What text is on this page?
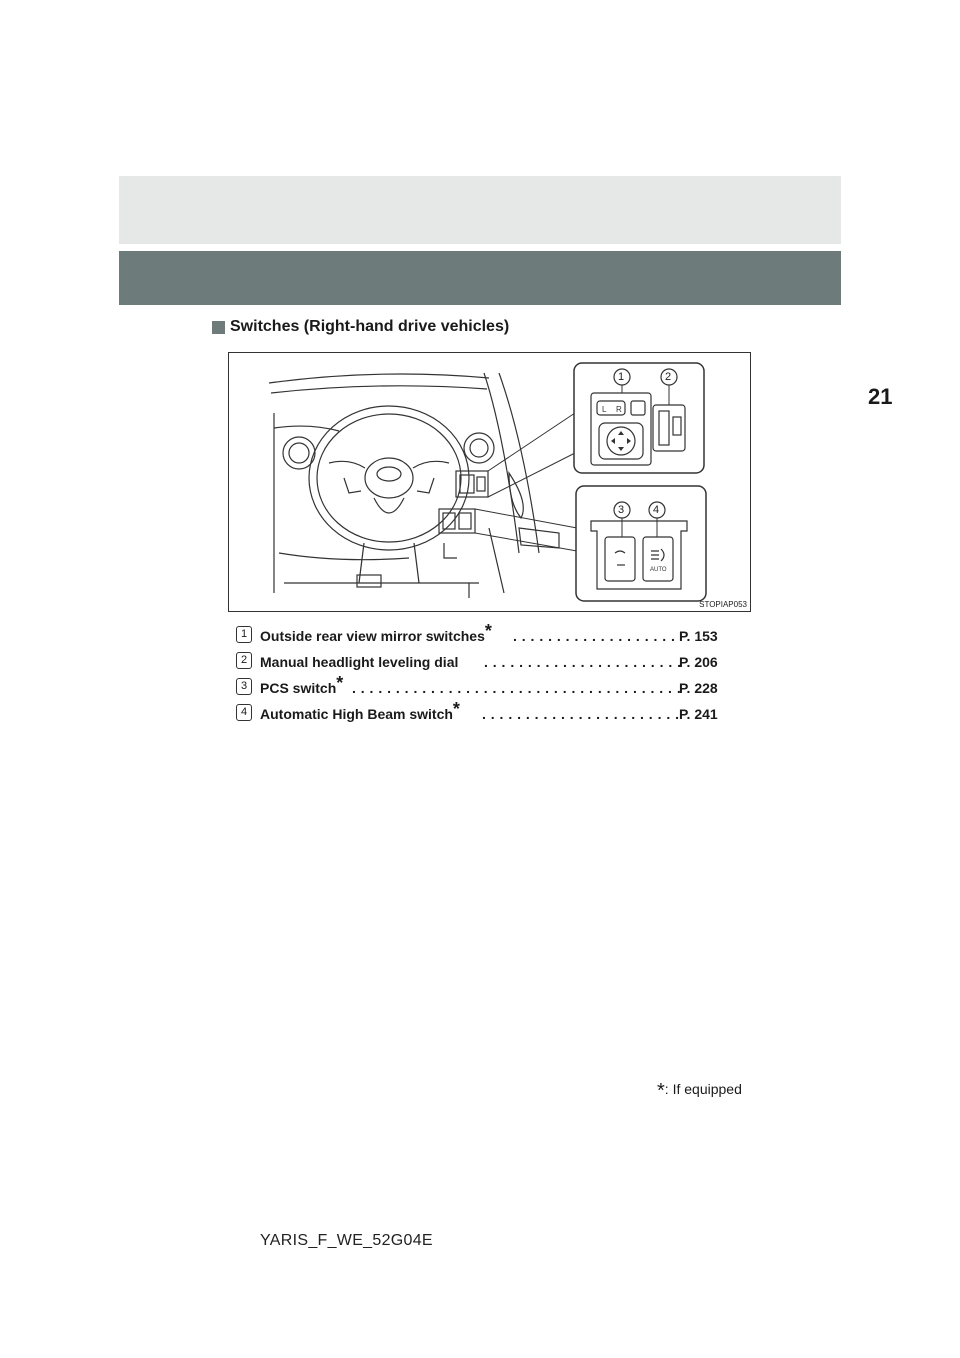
21
Switches (Right-hand drive vehicles)
L R
AUTO
1	2
3	4
STOPIAP053
1 Outside rear view mirror switches* . . . . . . . . . . . . . . . . . . . P. 153
2 Manual headlight leveling dial . . . . . . . . . . . . . . . . . . . . . . .
P. 206
3 PCS switch* . . . . . . . . . . . . . . . . . . . . . . . . . . . . . . . . . . . . . .
P. 228
4 Automatic High Beam switch* . . . . . . . . . . . . . . . . . . . . . . . P. 241
*: If equipped
YARIS_F_WE_52G04E
